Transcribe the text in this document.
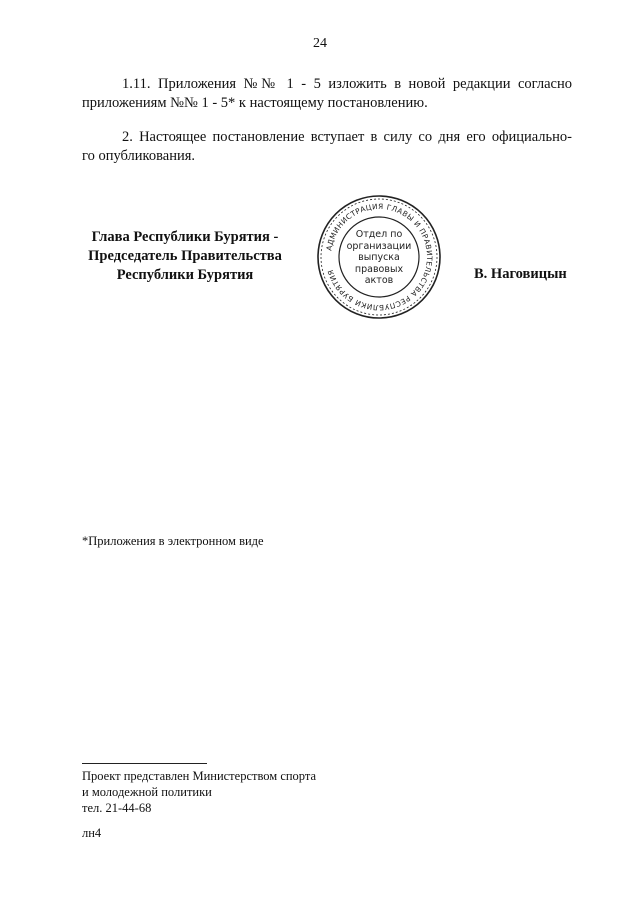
24

1.11. Приложения №№ 1 - 5 изложить в новой редакции согласно
приложениям №№ 1 - 5* к настоящему постановлению.

2. Настоящее постановление вступает в силу со дня его официально-
го опубликования.

Глава Республики Бурятия -
Председатель Правительства
Республики Бурятия
АДМИНИСТРАЦИЯ ГЛАВЫ И ПРАВИТЕЛЬСТВА РЕСПУБЛИКИ БУРЯТИЯ
Отдел по
организации
выпуска
правовых
актов	В. Наговицын
*Приложения в электронном виде
Проект представлен Министерством спорта
и молодежной политики
тел. 21-44-68
лн4
